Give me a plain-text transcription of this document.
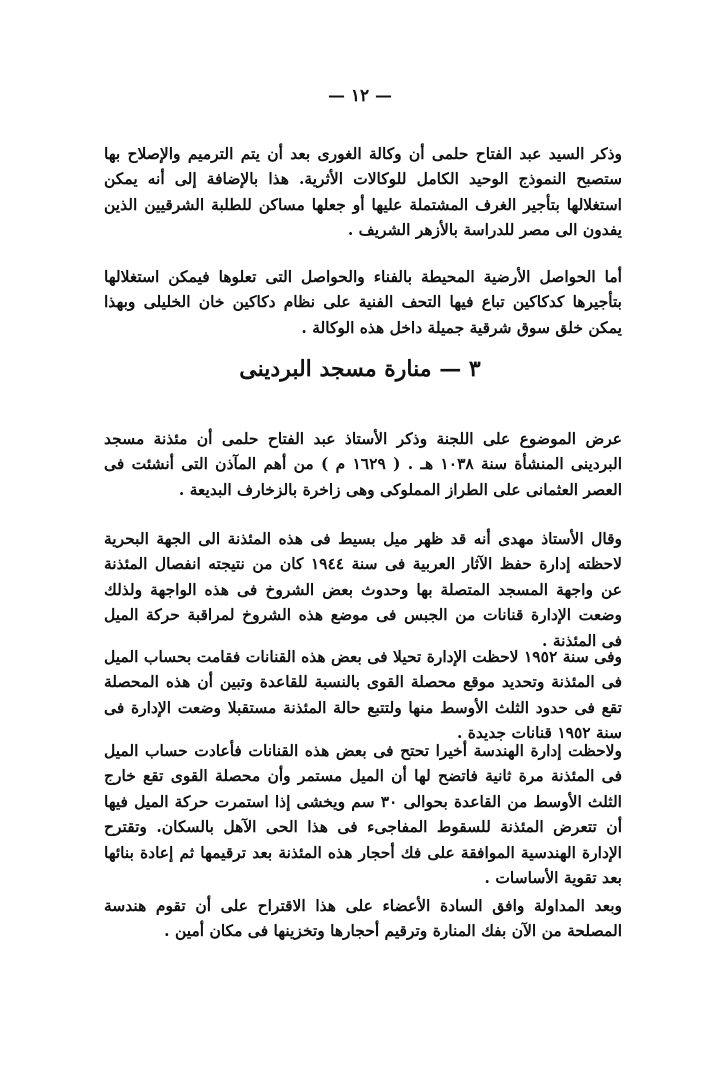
— ١٢ —

وذكر السيد عبد الفتاح حلمى أن وكالة الغورى بعد أن يتم الترميم والإصلاح بها ستصبح النموذج الوحيد الكامل للوكالات الأثرية. هذا بالإضافة إلى أنه يمكن استغلالها بتأجير الغرف المشتملة عليها أو جعلها مساكن للطلبة الشرقيين الذين يفدون الى مصر للدراسة بالأزهر الشريف .

أما الحواصل الأرضية المحيطة بالفناء والحواصل التى تعلوها فيمكن استغلالها بتأجيرها كدكاكين تباع فيها التحف الفنية على نظام دكاكين خان الخليلى وبهذا يمكن خلق سوق شرقية جميلة داخل هذه الوكالة .

٣ — منارة مسجد البردينى

عرض الموضوع على اللجنة وذكر الأستاذ عبد الفتاح حلمى أن مئذنة مسجد البردينى المنشأة سنة ١٠٣٨ هـ . ( ١٦٢٩ م ) من أهم المآذن التى أنشئت فى العصر العثمانى على الطراز المملوكى وهى زاخرة بالزخارف البديعة .

وقال الأستاذ مهدى أنه قد ظهر ميل بسيط فى هذه المئذنة الى الجهة البحرية لاحظته إدارة حفظ الآثار العربية فى سنة ١٩٤٤ كان من نتيجته انفصال المئذنة عن واجهة المسجد المتصلة بها وحدوث بعض الشروخ فى هذه الواجهة ولذلك وضعت الإدارة قنانات من الجبس فى موضع هذه الشروخ لمراقبة حركة الميل فى المئذنة .

وفى سنة ١٩٥٢ لاحظت الإدارة تحيلا فى بعض هذه القنانات فقامت بحساب الميل فى المئذنة وتحديد موقع محصلة القوى بالنسبة للقاعدة وتبين أن هذه المحصلة تقع فى حدود الثلث الأوسط منها ولتتبع حالة المئذنة مستقبلا وضعت الإدارة فى سنة ١٩٥٢ قنانات جديدة .

ولاحظت إدارة الهندسة أخيرا تحتح فى بعض هذه القنانات فأعادت حساب الميل فى المئذنة مرة ثانية فاتضح لها أن الميل مستمر وأن محصلة القوى تقع خارج الثلث الأوسط من القاعدة بحوالى ٣٠ سم ويخشى إذا استمرت حركة الميل فيها أن تتعرض المئذنة للسقوط المفاجىء فى هذا الحى الآهل بالسكان. وتقترح الإدارة الهندسية الموافقة على فك أحجار هذه المئذنة بعد ترقيمها ثم إعادة بنائها بعد تقوية الأساسات .

وبعد المداولة وافق السادة الأعضاء على هذا الاقتراح على أن تقوم هندسة المصلحة من الآن بفك المنارة وترقيم أحجارها وتخزينها فى مكان أمين .
